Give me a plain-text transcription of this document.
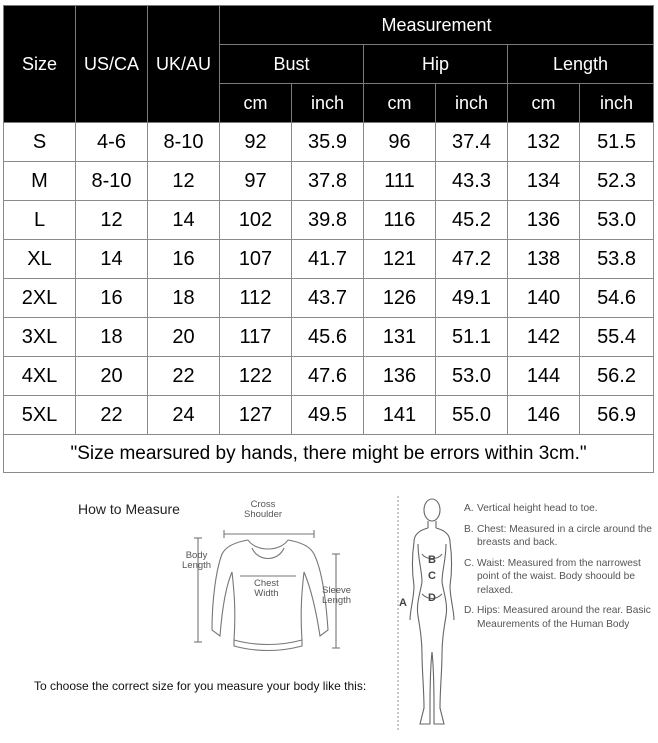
Size	US/CA	UK/AU	Measurement					
			Bust		Hip		Length	
			cm	inch	cm	inch	cm	inch
S	4-6	8-10	92	35.9	96	37.4	132	51.5
M	8-10	12	97	37.8	111	43.3	134	52.3
L	12	14	102	39.8	116	45.2	136	53.0
XL	14	16	107	41.7	121	47.2	138	53.8
2XL	16	18	112	43.7	126	49.1	140	54.6
3XL	18	20	117	45.6	131	51.1	142	55.4
4XL	20	22	122	47.6	136	53.0	144	56.2
5XL	22	24	127	49.5	141	55.0	146	56.9
"Size mearsured by hands, there might be errors within 3cm."								
How to Measure	Cross
Shoulder
Body
Length
Chest
Width	Sleeve
Length
To choose the correct size for you measure your body like this:
A
B
C
D
A. Vertical height head to toe.
B. Chest: Measured in a circle around the breasts and back.
C. Waist: Measured from the narrowest point of the waist. Body shoould be relaxed.
D. Hips: Measured around the rear. Basic Meaurements of the Human Body
